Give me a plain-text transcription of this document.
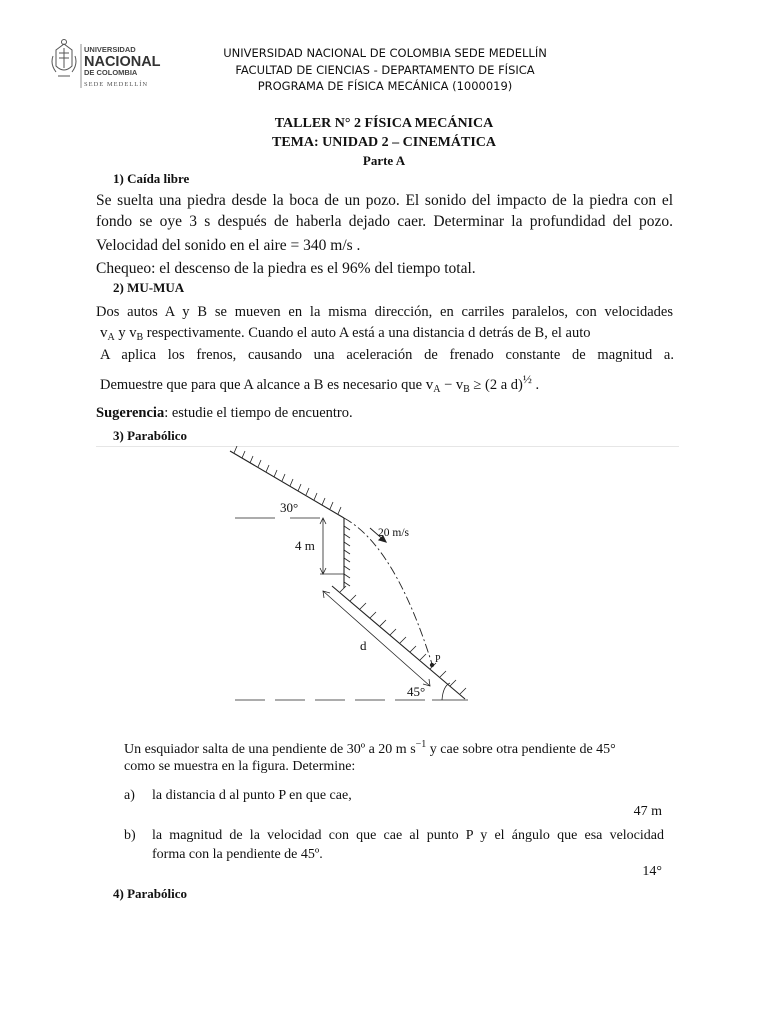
UNIVERSIDAD
NACIONAL
DE COLOMBIA
SEDE MEDELLÍN
UNIVERSIDAD NACIONAL DE COLOMBIA SEDE MEDELLÍN
FACULTAD DE CIENCIAS - DEPARTAMENTO DE FÍSICA
PROGRAMA DE FÍSICA MECÁNICA (1000019)
TALLER N° 2 FÍSICA MECÁNICA
TEMA: UNIDAD 2 – CINEMÁTICA
Parte A
1) Caída libre
Se suelta una piedra desde la boca de un pozo. El sonido del impacto de la piedra con el
fondo se oye 3 s después de haberla dejado caer. Determinar la profundidad del pozo.
Velocidad del sonido en el aire = 340 m/s .
Chequeo: el descenso de la piedra es el 96% del tiempo total.
2) MU-MUA
Dos autos A y B se mueven en la misma dirección, en carriles paralelos, con velocidades
$v_A$ y $v_B$ respectivamente. Cuando el auto A está a una distancia d detrás de B, el auto
A aplica los frenos, causando una aceleración de frenado constante de magnitud a.
Demuestre que para que A alcance a B es necesario que $v_A - v_B \ge (2$ a d)$^{\frac{1}{2}}$ .
Sugerencia: estudie el tiempo de encuentro.
3) Parabólico
30°
4 m
20 m/s
d
P
45°
Un esquiador salta de una pendiente de 30º a 20 m $s^{-1}$ y cae sobre otra pendiente de 45°
como se muestra en la figura. Determine:
a)	la distancia d al punto P en que cae,
47 m
b)	la magnitud de la velocidad con que cae al punto P y el ángulo que esa velocidad
forma con la pendiente de 45º.
14°
4) Parabólico
